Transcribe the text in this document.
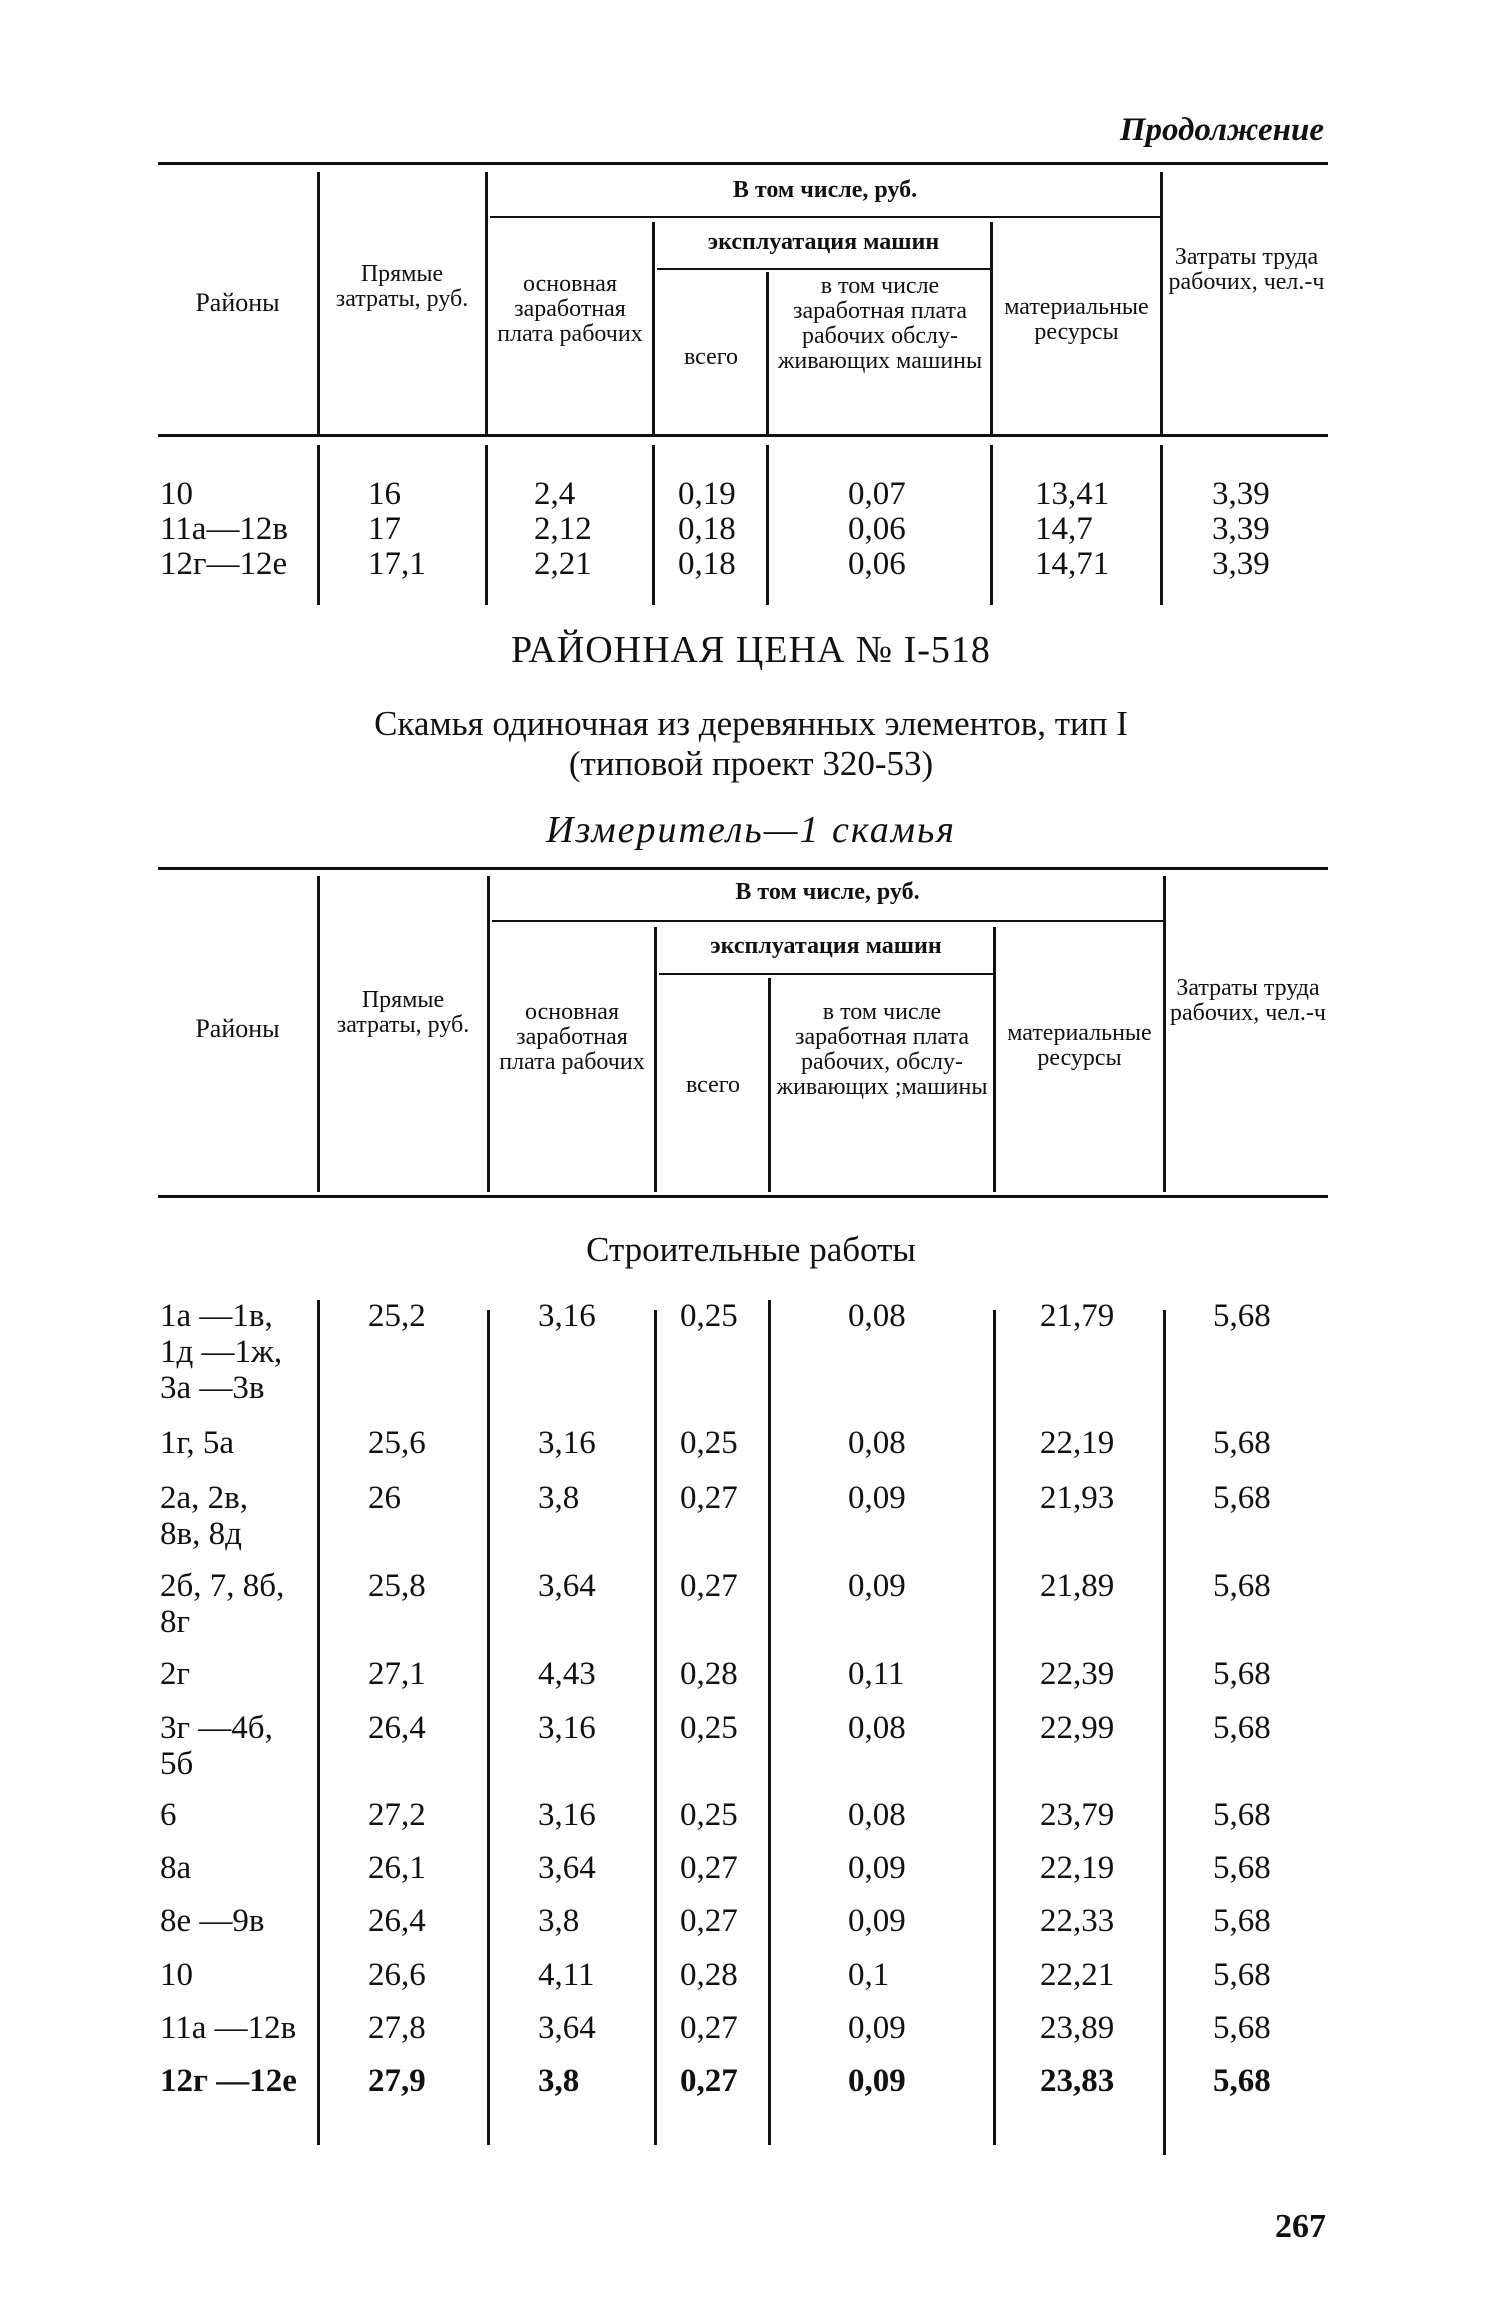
Продолжение
Районы
Прямые затраты, руб.
В том числе, руб.
основная заработная плата рабочих
эксплуатация машин
всего
в том числе заработная плата рабочих обслуживающих машины
материальные ресурсы
Затраты труда рабочих, чел.-ч
10	16	2,4	0,19	0,07	13,41	3,39
11а—12в 17	2,12	0,18	0,06	14,7	3,39
12г—12е 17,1	2,21	0,18	0,06	14,71	3,39
РАЙОННАЯ ЦЕНА № I-518
Скамья одиночная из деревянных элементов, тип I
(типовой проект 320-53)
Измеритель—1 скамья
Районы
Прямые затраты, руб.
В том числе, руб.
основная заработная плата рабочих
эксплуатация машин
всего
в том числе заработная плата рабочих, обслуживающих ;машины
материальные ресурсы
Затраты труда рабочих, чел.-ч
Строительные работы
1а —1в,
1д —1ж,
3а —3в
25,2	3,16	0,25	0,08	21,79	5,68
1г, 5а	25,6	3,16	0,25	0,08	22,19	5,68
2а, 2в,
8в, 8д
26	3,8	0,27	0,09	21,93	5,68
2б, 7, 8б,
8г
25,8	3,64	0,27	0,09	21,89	5,68
2г	27,1	4,43	0,28	0,11	22,39	5,68
3г —4б,
5б
26,4	3,16	0,25	0,08	22,99	5,68
6	27,2	3,16	0,25	0,08	23,79	5,68
8а	26,1	3,64	0,27	0,09	22,19	5,68
8е —9в	26,4	3,8	0,27	0,09	22,33	5,68
10	26,6	4,11	0,28	0,1	22,21	5,68
11а —12в 27,8	3,64	0,27	0,09	23,89	5,68
12г —12е 27,9	3,8	0,27	0,09	23,83	5,68
267
